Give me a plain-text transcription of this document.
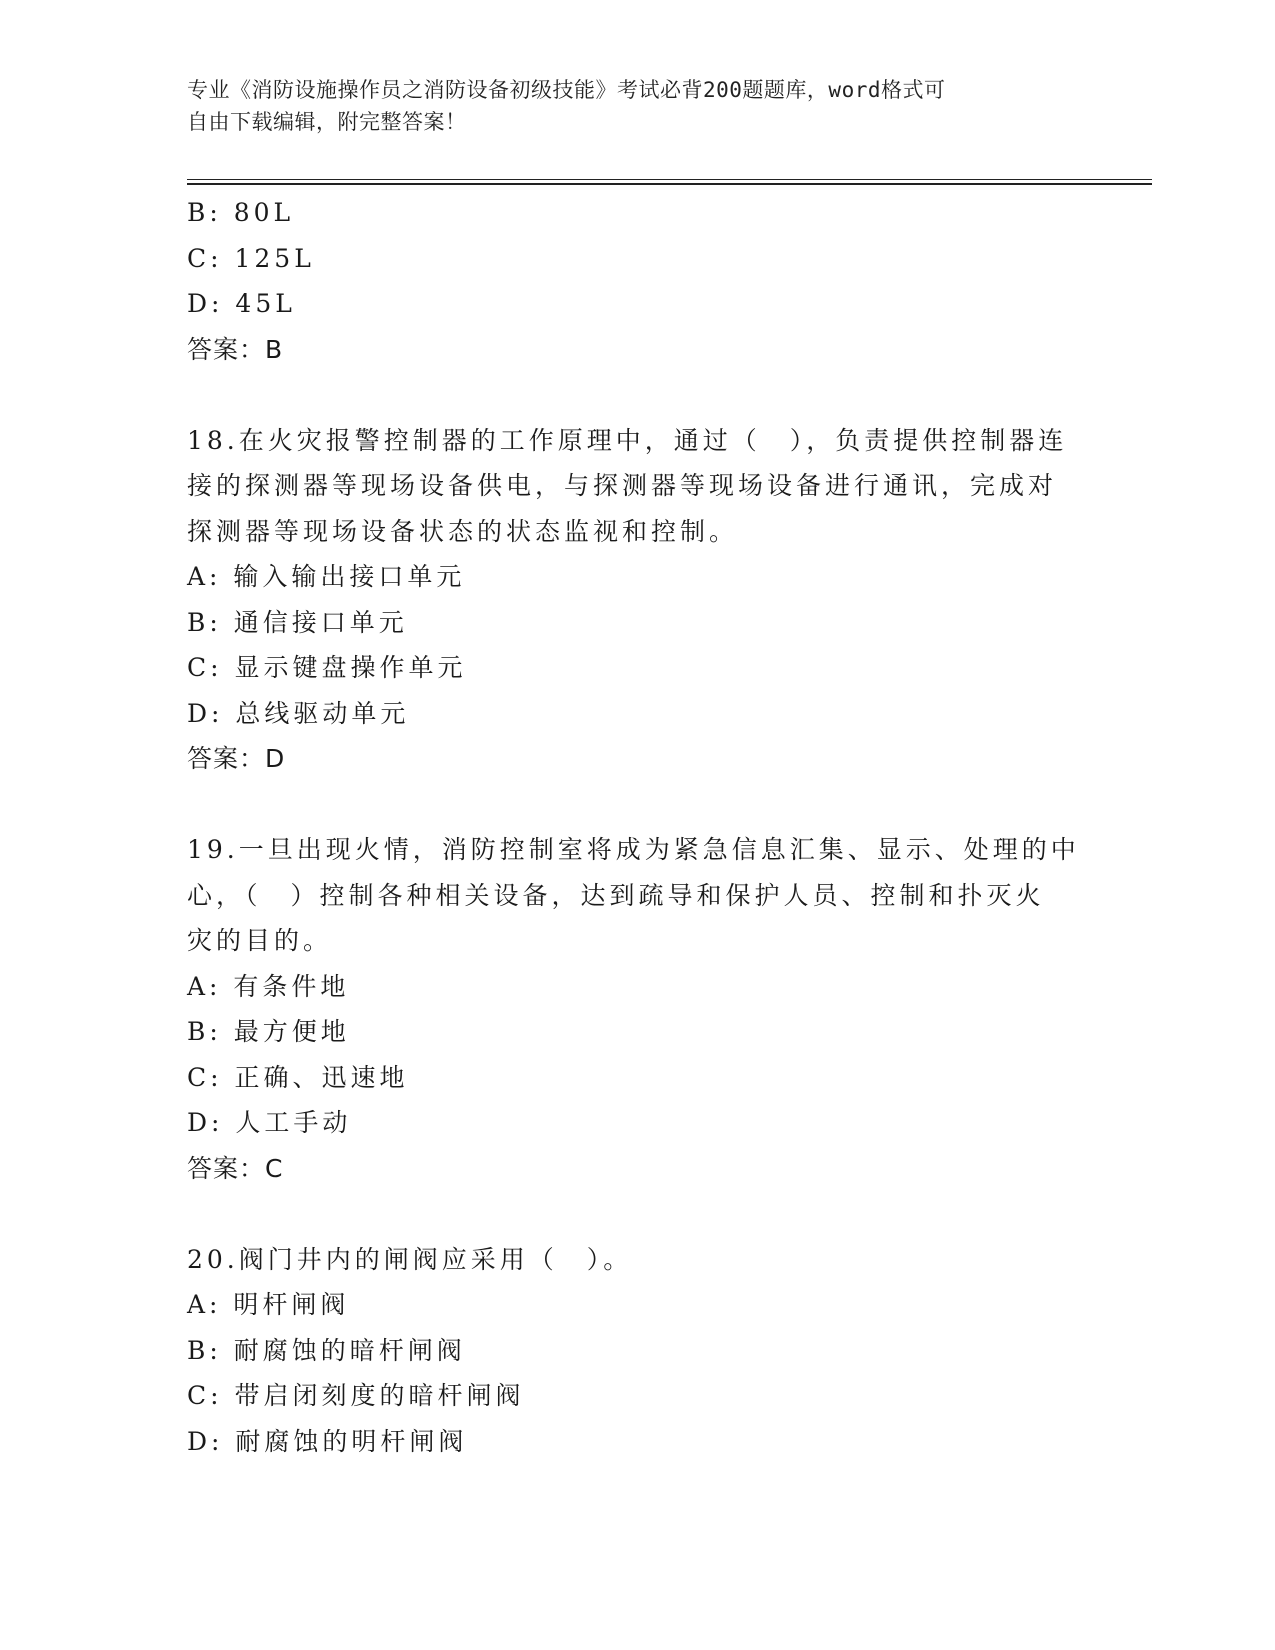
专业《消防设施操作员之消防设备初级技能》考试必背200题题库，word格式可
自由下载编辑，附完整答案！
B: 80L
C: 125L
D: 45L
答案：B
18.在火灾报警控制器的工作原理中，通过（　），负责提供控制器连
接的探测器等现场设备供电，与探测器等现场设备进行通讯，完成对
探测器等现场设备状态的状态监视和控制。
A: 输入输出接口单元
B: 通信接口单元
C: 显示键盘操作单元
D: 总线驱动单元
答案：D
19.一旦出现火情，消防控制室将成为紧急信息汇集、显示、处理的中
心，（　）控制各种相关设备，达到疏导和保护人员、控制和扑灭火
灾的目的。
A: 有条件地
B: 最方便地
C: 正确、迅速地
D: 人工手动
答案：C
20.阀门井内的闸阀应采用（　）。
A: 明杆闸阀
B: 耐腐蚀的暗杆闸阀
C: 带启闭刻度的暗杆闸阀
D: 耐腐蚀的明杆闸阀
